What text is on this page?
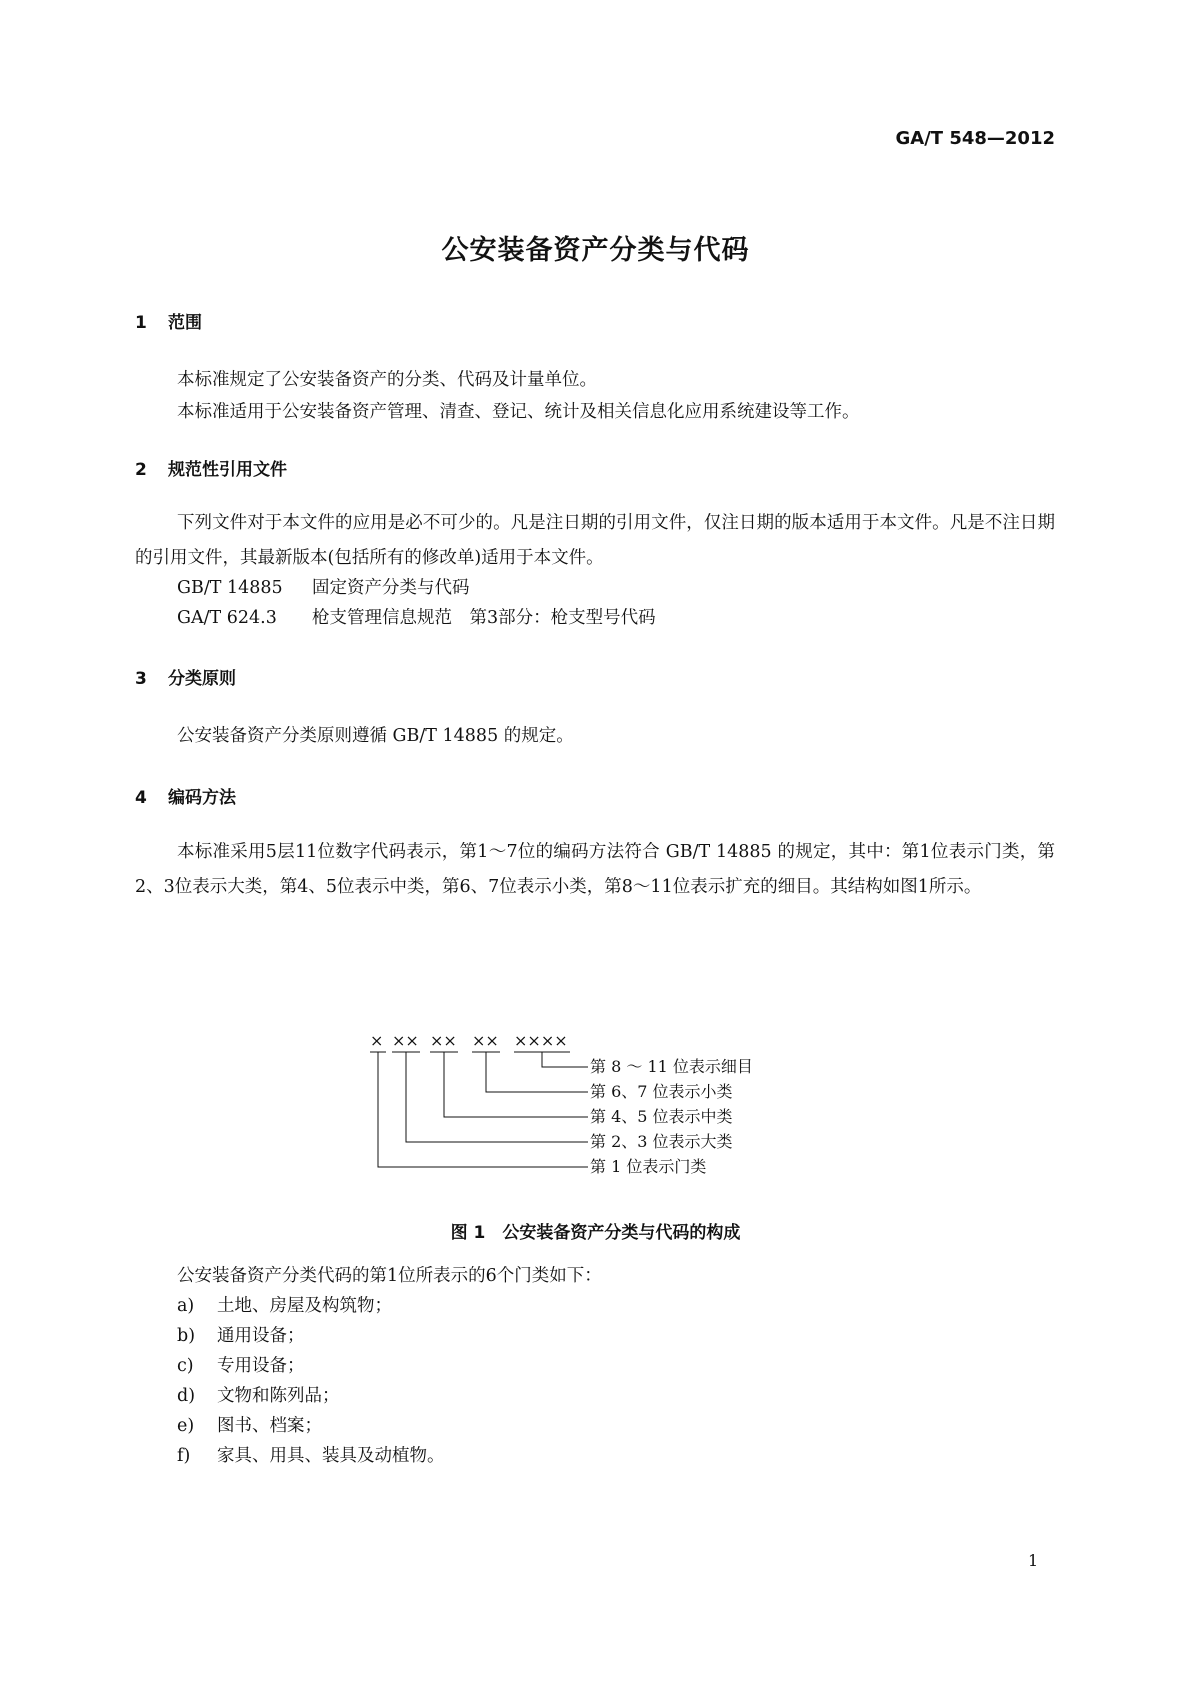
GA/T 548—2012
公安装备资产分类与代码
1 范围
本标准规定了公安装备资产的分类、代码及计量单位。
本标准适用于公安装备资产管理、清查、登记、统计及相关信息化应用系统建设等工作。
2 规范性引用文件
下列文件对于本文件的应用是必不可少的。凡是注日期的引用文件，仅注日期的版本适用于本文件。凡是不注日期的引用文件，其最新版本(包括所有的修改单)适用于本文件。
GB/T 14885 固定资产分类与代码
GA/T 624.3 枪支管理信息规范　第3部分：枪支型号代码
3 分类原则
公安装备资产分类原则遵循 GB/T 14885 的规定。
4 编码方法
本标准采用5层11位数字代码表示，第1～7位的编码方法符合 GB/T 14885 的规定，其中：第1位表示门类，第2、3位表示大类，第4、5位表示中类，第6、7位表示小类，第8～11位表示扩充的细目。其结构如图1所示。
× ×× ×× ×× ××××
第 8 ～ 11 位表示细目
第 6、7 位表示小类
第 4、5 位表示中类
第 2、3 位表示大类
第 1 位表示门类
图 1　公安装备资产分类与代码的构成
公安装备资产分类代码的第1位所表示的6个门类如下：
a) 土地、房屋及构筑物；
b) 通用设备；
c) 专用设备；
d) 文物和陈列品；
e) 图书、档案；
f) 家具、用具、装具及动植物。
1
